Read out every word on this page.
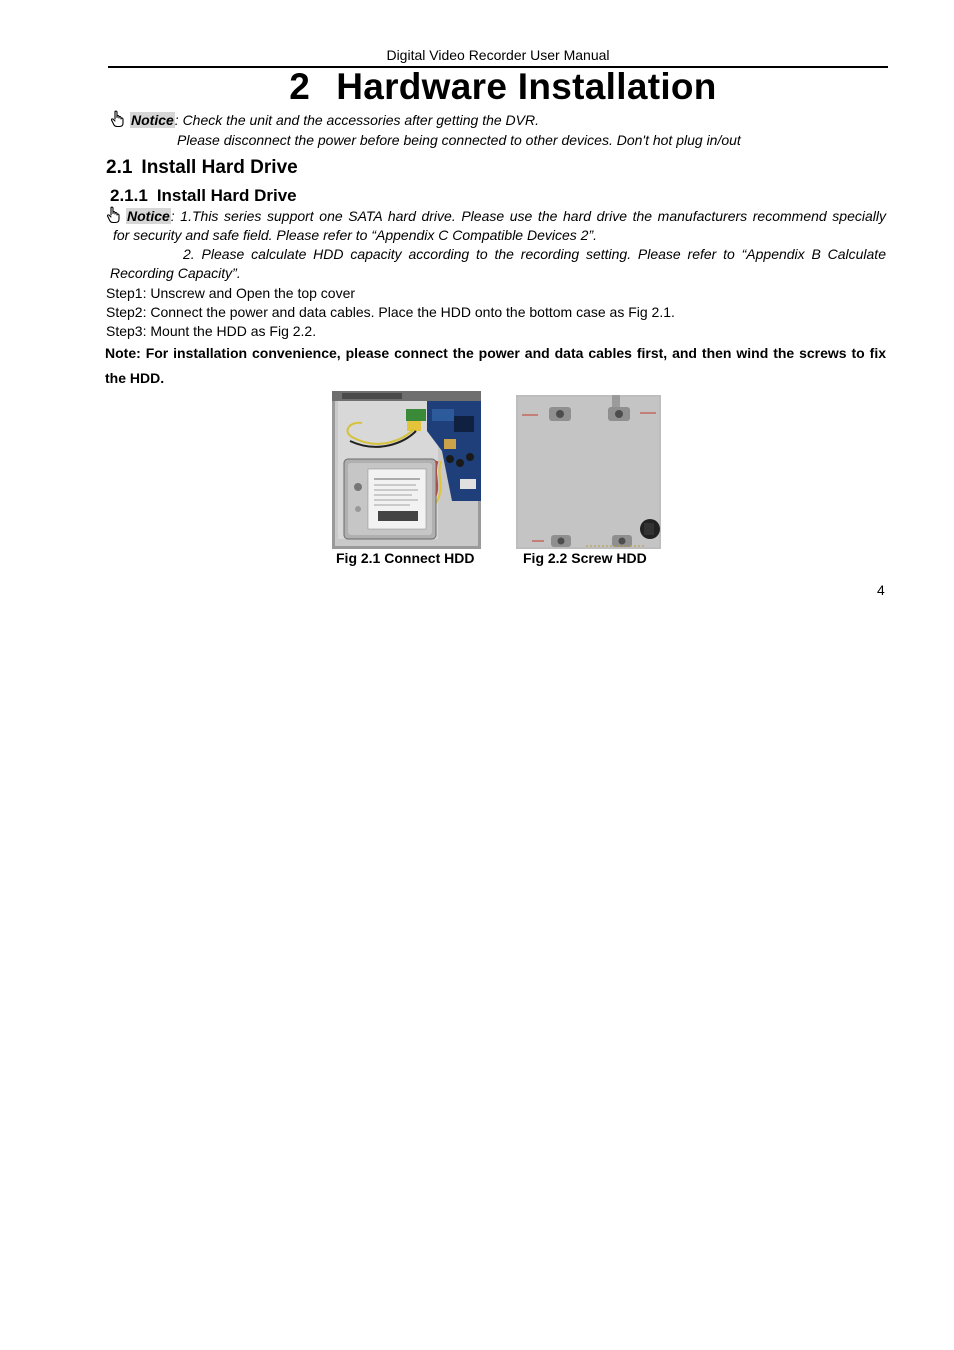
Digital Video Recorder User Manual
2 Hardware Installation
Notice: Check the unit and the accessories after getting the DVR.
Please disconnect the power before being connected to other devices. Don't hot plug in/out
2.1 Install Hard Drive
2.1.1 Install Hard Drive
Notice: 1.This series support one SATA hard drive. Please use the hard drive the manufacturers recommend specially
for security and safe field. Please refer to “Appendix C Compatible Devices 2”.
2. Please calculate HDD capacity according to the recording setting. Please refer to “Appendix B Calculate
Recording Capacity”.
Step1: Unscrew and Open the top cover
Step2: Connect the power and data cables. Place the HDD onto the bottom case as Fig 2.1.
Step3: Mount the HDD as Fig 2.2.
Note: For installation convenience, please connect the power and data cables first, and then wind the screws to fix
the HDD.
Fig 2.1 Connect HDD	Fig 2.2 Screw HDD
4
